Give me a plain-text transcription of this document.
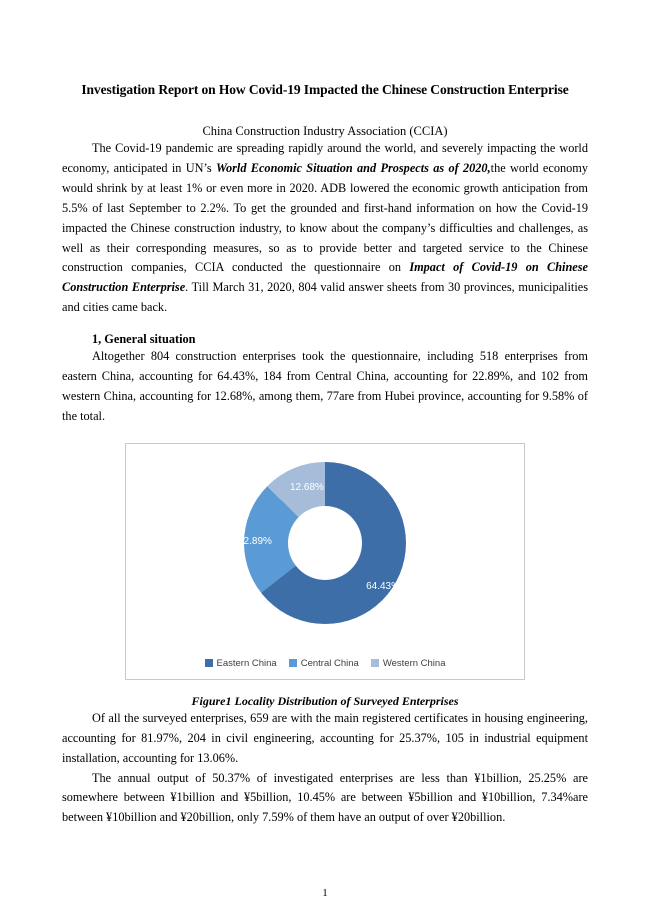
Investigation Report on How Covid-19 Impacted the Chinese Construction Enterprise
China Construction Industry Association (CCIA)

The Covid-19 pandemic are spreading rapidly around the world, and severely impacting the world economy, anticipated in UN’s World Economic Situation and Prospects as of 2020,the world economy would shrink by at least 1% or even more in 2020. ADB lowered the economic growth anticipation from 5.5% of last September to 2.2%. To get the grounded and first-hand information on how the Covid-19 impacted the Chinese construction industry, to know about the company’s difficulties and challenges, as well as their corresponding measures, so as to provide better and targeted service to the Chinese construction companies, CCIA conducted the questionnaire on Impact of Covid-19 on Chinese Construction Enterprise. Till March 31, 2020, 804 valid answer sheets from 30 provinces, municipalities and cities came back.

1, General situation

Altogether 804 construction enterprises took the questionnaire, including 518 enterprises from eastern China, accounting for 64.43%, 184 from Central China, accounting for 22.89%, and 102 from western China, accounting for 12.68%, among them, 77are from Hubei province, accounting for 9.58% of the total.

64.43%
22.89%
12.68%
Eastern China	Central China	Western China
Figure1 Locality Distribution of Surveyed Enterprises

Of all the surveyed enterprises, 659 are with the main registered certificates in housing engineering, accounting for 81.97%, 204 in civil engineering, accounting for 25.37%, 105 in industrial equipment installation, accounting for 13.06%.

The annual output of 50.37% of investigated enterprises are less than ¥1billion, 25.25% are somewhere between ¥1billion and ¥5billion, 10.45% are between ¥5billion and ¥10billion, 7.34%are between ¥10billion and ¥20billion, only 7.59% of them have an output of over ¥20billion.

1
